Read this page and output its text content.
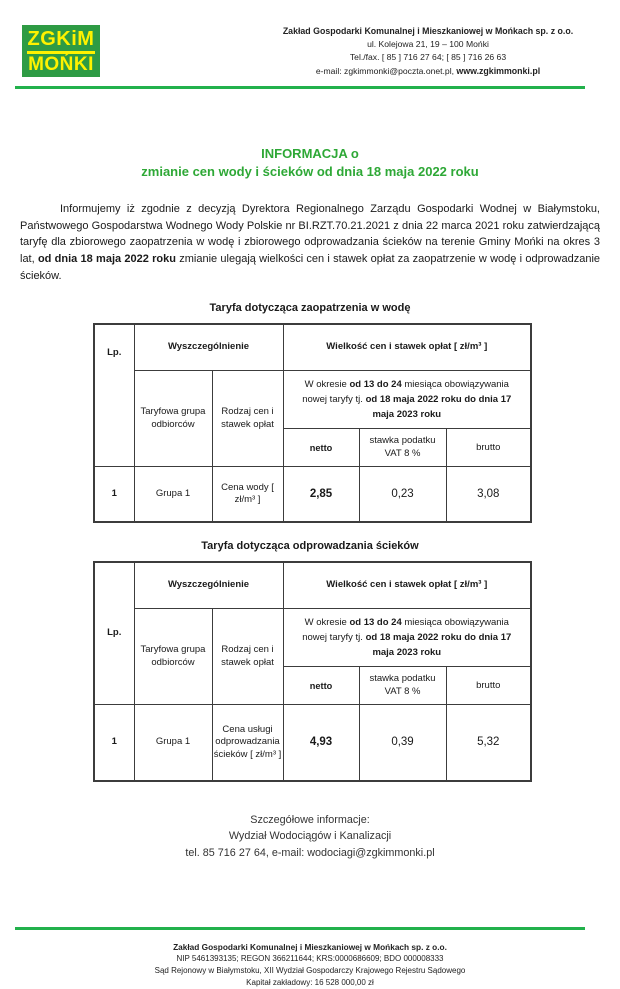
ZGKiM
MOŃKI
Zakład Gospodarki Komunalnej i Mieszkaniowej w Mońkach sp. z o.o.
ul. Kolejowa 21, 19 – 100 Mońki
Tel./fax. [ 85 ] 716 27 64; [ 85 ] 716 26 63
e-mail: zgkimmonki@poczta.onet.pl, www.zgkimmonki.pl
INFORMACJA o
zmianie cen wody i ścieków od dnia 18 maja 2022 roku

Informujemy iż zgodnie z decyzją Dyrektora Regionalnego Zarządu Gospodarki Wodnej w Białymstoku, Państwowego Gospodarstwa Wodnego Wody Polskie nr BI.RZT.70.21.2021 z dnia 22 marca 2021 roku zatwierdzającą taryfę dla zbiorowego zaopatrzenia w wodę i zbiorowego odprowadzania ścieków na terenie Gminy Mońki na okres 3 lat, od dnia 18 maja 2022 roku zmianie ulegają wielkości cen i stawek opłat za zaopatrzenie w wodę i odprowadzanie ścieków.

Taryfa dotycząca zaopatrzenia w wodę
Lp.	Wyszczególnienie		Wielkość cen i stawek opłat [ zł/m³ ]		
	Taryfowa grupa odbiorców	Rodzaj cen i stawek opłat	W okresie od 13 do 24 miesiąca obowiązywania nowej taryfy tj. od 18 maja 2022 roku do dnia 17 maja 2023 roku		

			netto	stawka podatku
VAT 8 %	brutto

1	Grupa 1	Cena wody [ zł/m³ ]	2,85	0,23	3,08
Taryfa dotycząca odprowadzania ścieków
Lp.	Wyszczególnienie		Wielkość cen i stawek opłat [ zł/m³ ]		
	Taryfowa grupa odbiorców	Rodzaj cen i stawek opłat	W okresie od 13 do 24 miesiąca obowiązywania nowej taryfy tj. od 18 maja 2022 roku do dnia 17 maja 2023 roku		

			netto	stawka podatku
VAT 8 %	brutto

1	Grupa 1	Cena usługi odprowadzania ścieków [ zł/m³ ]	4,93	0,39	5,32
Szczegółowe informacje:
Wydział Wodociągów i Kanalizacji
tel. 85 716 27 64, e-mail: wodociagi@zgkimmonki.pl
Zakład Gospodarki Komunalnej i Mieszkaniowej w Mońkach sp. z o.o.
NIP 5461393135; REGON 366211644; KRS:0000686609; BDO 000008333
Sąd Rejonowy w Białymstoku, XII Wydział Gospodarczy Krajowego Rejestru Sądowego
Kapitał zakładowy: 16 528 000,00 zł
